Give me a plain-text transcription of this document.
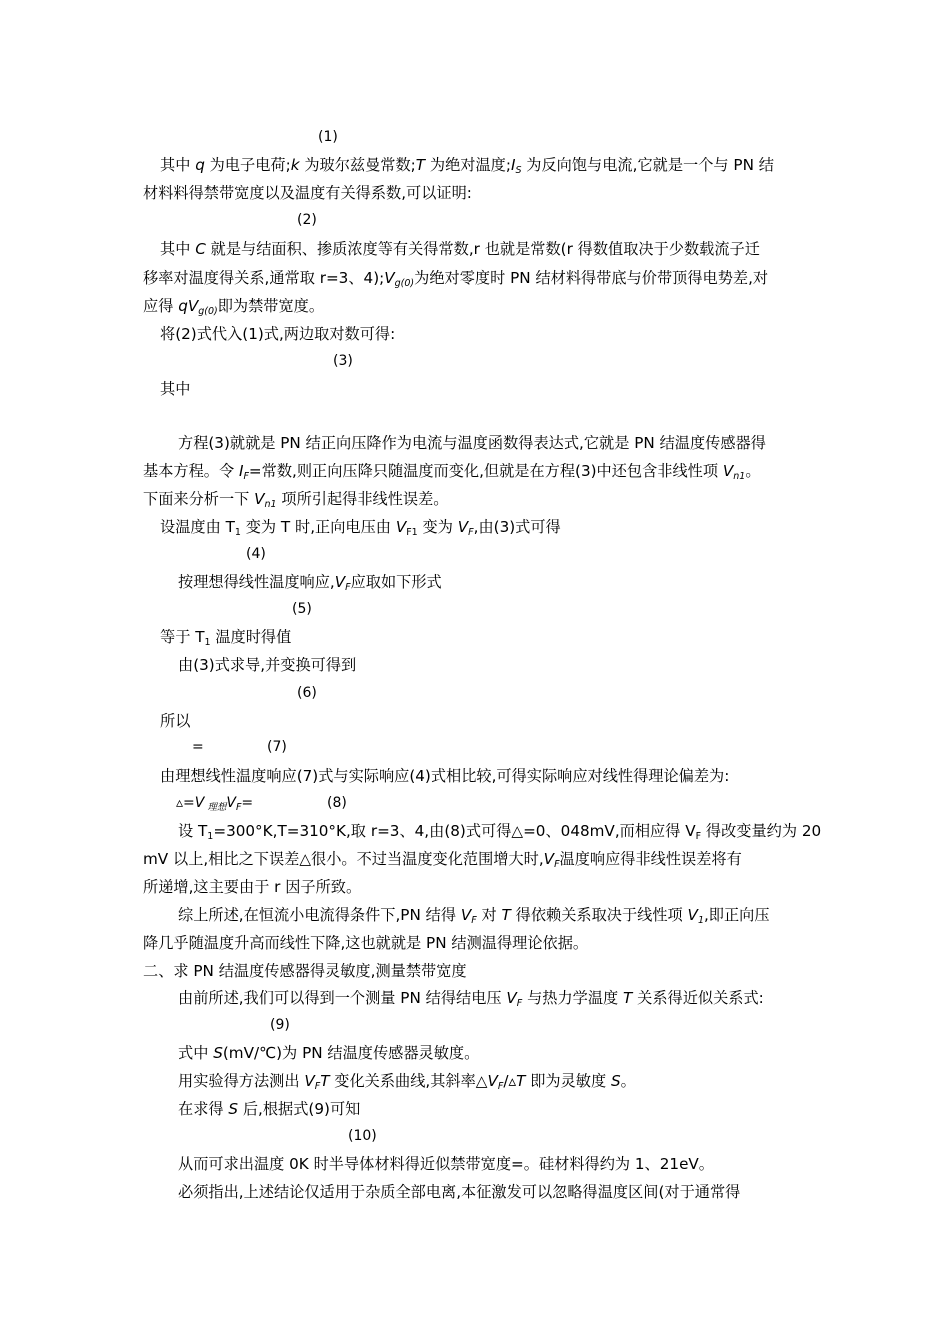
(1)
其中 q 为电子电荷;k 为玻尔兹曼常数;T 为绝对温度$;I_S$ 为反向饱与电流,它就是一个与 PN 结
材料料得禁带宽度以及温度有关得系数,可以证明:
(2)
其中 C 就是与结面积、掺质浓度等有关得常数,r 也就是常数(r 得数值取决于少数载流子迁
移率对温度得关系,通常取 r=3、$4);V_{g(0)}$为绝对零度时 PN 结材料得带底与价带顶得电势差,对
应得 $qV_{g(0)}$即为禁带宽度。
将(2)式代入(1)式,两边取对数可得:
(3)
其中
方程(3)就就是 PN 结正向压降作为电流与温度函数得表达式,它就是 PN 结温度传感器得
基本方程。令 $I_F=$常数,则正向压降只随温度而变化,但就是在方程(3)中还包含非线性项 $V_{n1}$。
下面来分析一下 $V_{n1}$ 项所引起得非线性误差。
设温度由 $T_1$ 变为 T 时,正向电压由 $V_{F1}$ 变为 $V_F$,由(3)式可得
(4)
按理想得线性温度响应$,V_F$应取如下形式
(5)
等于 $T_1$ 温度时得值
由(3)式求导,并变换可得到
(6)
所以
=	(7)
由理想线性温度响应(7)式与实际响应(4)式相比较,可得实际响应对线性得理论偏差为:
▵=V $_{理想}V_F=$	(8)
设 $T_1=300^\circ K,T=310^\circ K$,取 r=3、4,由(8)式可得△=0、048mV,而相应得 $V_F$ 得改变量约为 20
mV 以上,相比之下误差△很小。不过当温度变化范围增大时$,V_F$温度响应得非线性误差将有
所递增,这主要由于 r 因子所致。
综上所述,在恒流小电流得条件下,PN 结得 $V_F$ 对 T 得依赖关系取决于线性项 $V_1$,即正向压
降几乎随温度升高而线性下降,这也就就是 PN 结测温得理论依据。
二、求 PN 结温度传感器得灵敏度,测量禁带宽度
由前所述,我们可以得到一个测量 PN 结得结电压 $V_F$ 与热力学温度 T 关系得近似关系式:
(9)
式中 S(mV/℃)为 PN 结温度传感器灵敏度。
用实验得方法测出 $V_FT$ 变化关系曲线,其斜率$\triangle V_F/▵T$ 即为灵敏度 S。
在求得 S 后,根据式(9)可知
(10)
从而可求出温度 0K 时半导体材料得近似禁带宽度=。硅材料得约为 1、21eV。
必须指出,上述结论仅适用于杂质全部电离,本征激发可以忽略得温度区间(对于通常得
